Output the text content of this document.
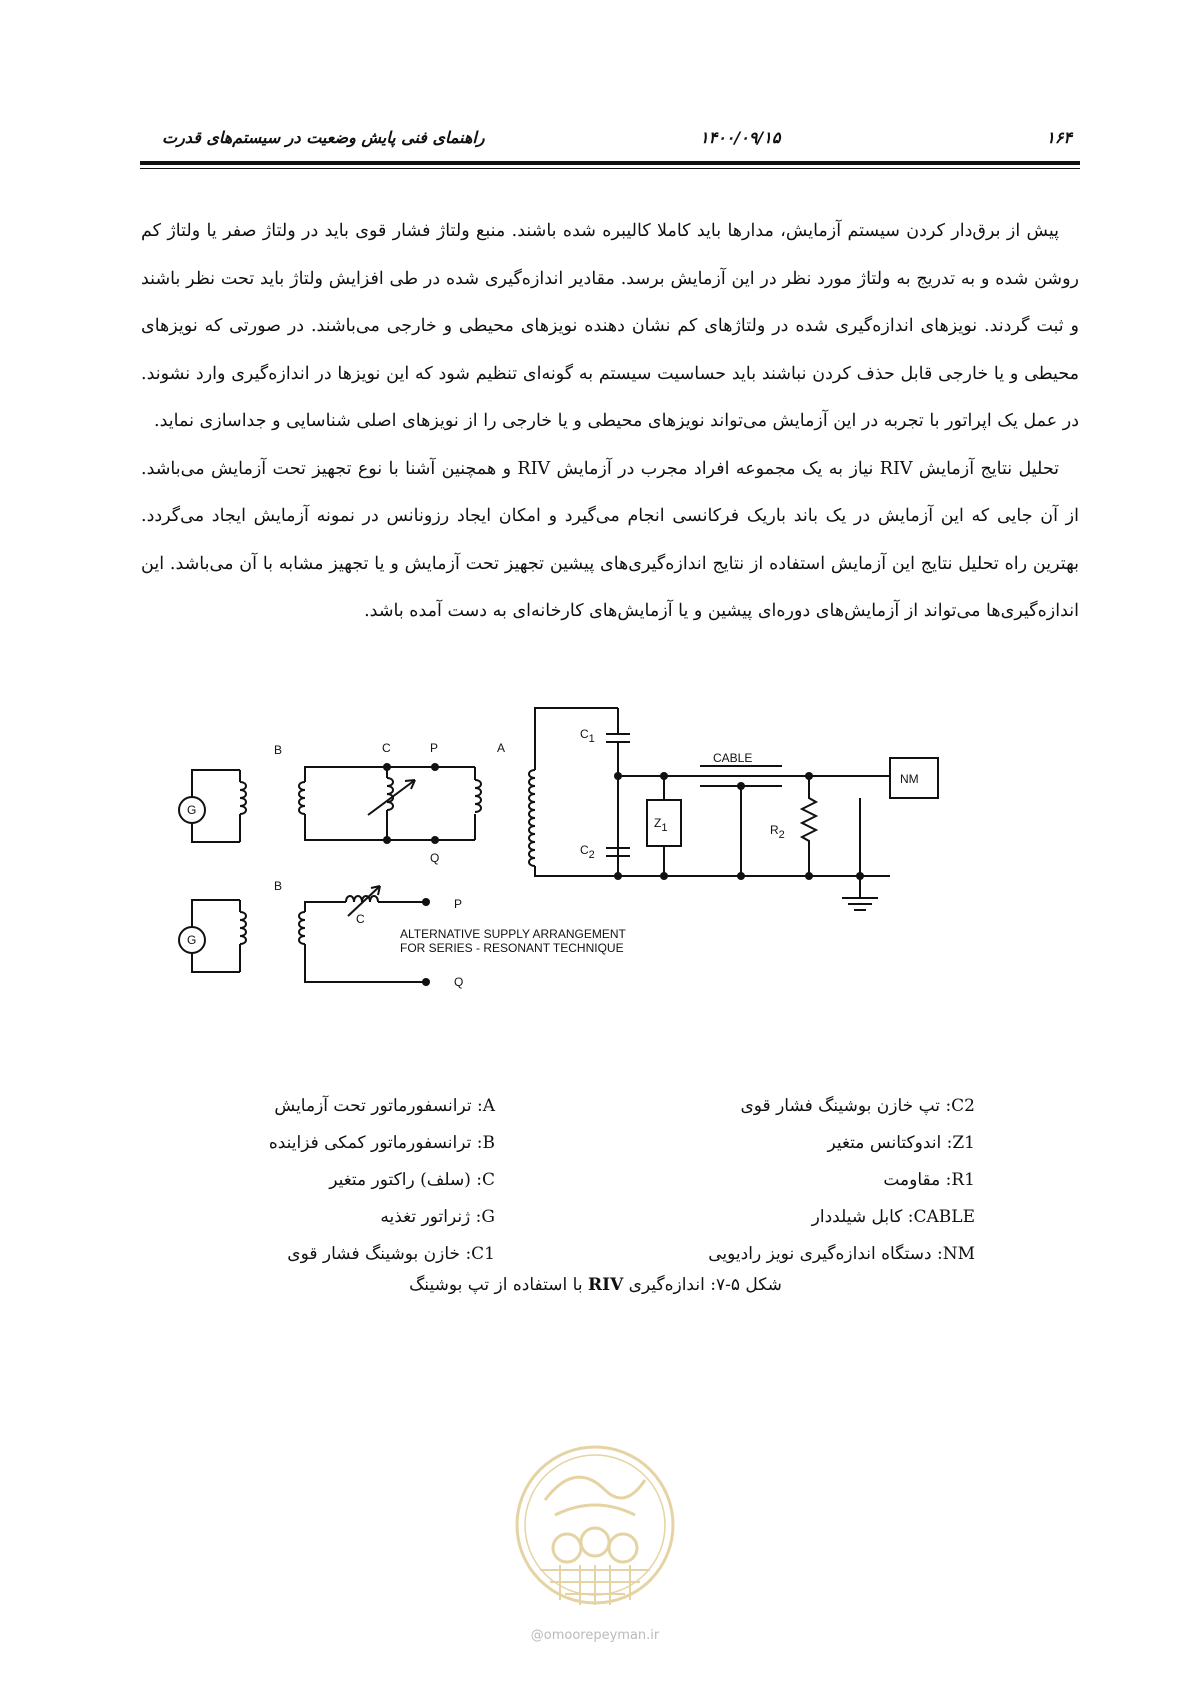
راهنمای فنی پایش وضعیت در سیستم‌های قدرت	۱۴۰۰/۰۹/۱۵	۱۶۴

پیش از برق‌دار کردن سیستم آزمایش، مدارها باید کاملا کالیبره شده باشند. منبع ولتاژ فشار قوی باید در ولتاژ صفر یا ولتاژ کم روشن شده و به تدریج به ولتاژ مورد نظر در این آزمایش برسد. مقادیر اندازه‌گیری شده در طی افزایش ولتاژ باید تحت نظر باشند و ثبت گردند. نویزهای اندازه‌گیری شده در ولتاژهای کم نشان دهنده نویزهای محیطی و خارجی می‌باشند. در صورتی که نویزهای محیطی و یا خارجی قابل حذف کردن نباشند باید حساسیت سیستم به گونه‌ای تنظیم شود که این نویزها در اندازه‌گیری وارد نشوند. در عمل یک اپراتور با تجربه در این آزمایش می‌تواند نویزهای محیطی و یا خارجی را از نویزهای اصلی شناسایی و جداسازی نماید.

تحلیل نتایج آزمایش RIV نیاز به یک مجموعه افراد مجرب در آزمایش RIV و همچنین آشنا با نوع تجهیز تحت آزمایش می‌باشد. از آن جایی که این آزمایش در یک باند باریک فرکانسی انجام می‌گیرد و امکان ایجاد رزونانس در نمونه آزمایش ایجاد می‌گردد. بهترین راه تحلیل نتایج این آزمایش استفاده از نتایج اندازه‌گیری‌های پیشین تجهیز تحت آزمایش و یا تجهیز مشابه با آن می‌باشد. این اندازه‌گیری‌ها می‌تواند از آزمایش‌های دوره‌ای پیشین و یا آزمایش‌های کارخانه‌ای به دست آمده باشد.

G
B	C	P
Q
A
C1
C2
Z1
CABLE
R2
NM
G
B
C
P
Q
ALTERNATIVE SUPPLY ARRANGEMENT
FOR SERIES - RESONANT TECHNIQUE
A: ترانسفورماتور تحت آزمایش
B: ترانسفورماتور کمکی فزاینده
C: (سلف) راکتور متغیر
G: ژنراتور تغذیه
C1: خازن بوشینگ فشار قوی
C2: تپ خازن بوشینگ فشار قوی
Z1: اندوکتانس متغیر
R1: مقاومت
CABLE: کابل شیلددار
NM: دستگاه اندازه‌گیری نویز رادیویی
شکل ۵-۷: اندازه‌گیری RIV با استفاده از تپ بوشینگ
@omoorepeyman.ir
